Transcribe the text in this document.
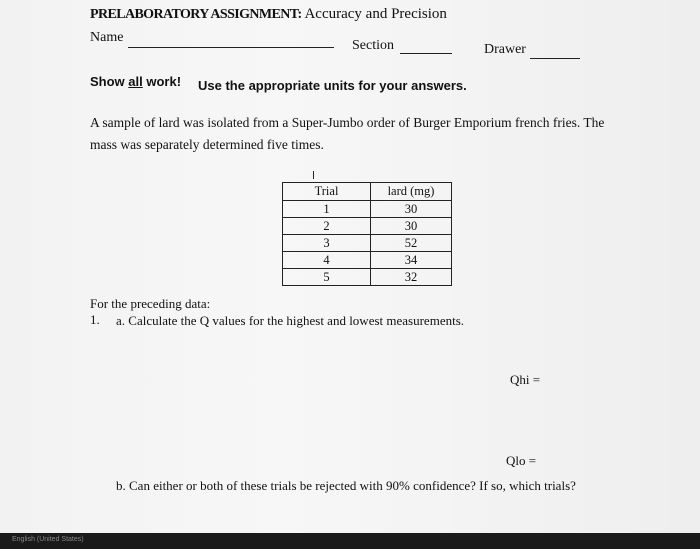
PRELABORATORY ASSIGNMENT: Accuracy and Precision
Name
Section	Drawer
Show all work! Use the appropriate units for your answers.
A sample of lard was isolated from a Super-Jumbo order of Burger Emporium french fries. The
mass was separately determined five times.
Trial	lard (mg)
1	30
2	30
3	52
4	34
5	32
For the preceding data:
1. a. Calculate the Q values for the highest and lowest measurements.
Qhi =
Qlo =
b. Can either or both of these trials be rejected with 90% confidence? If so, which trials?
English (United States)
